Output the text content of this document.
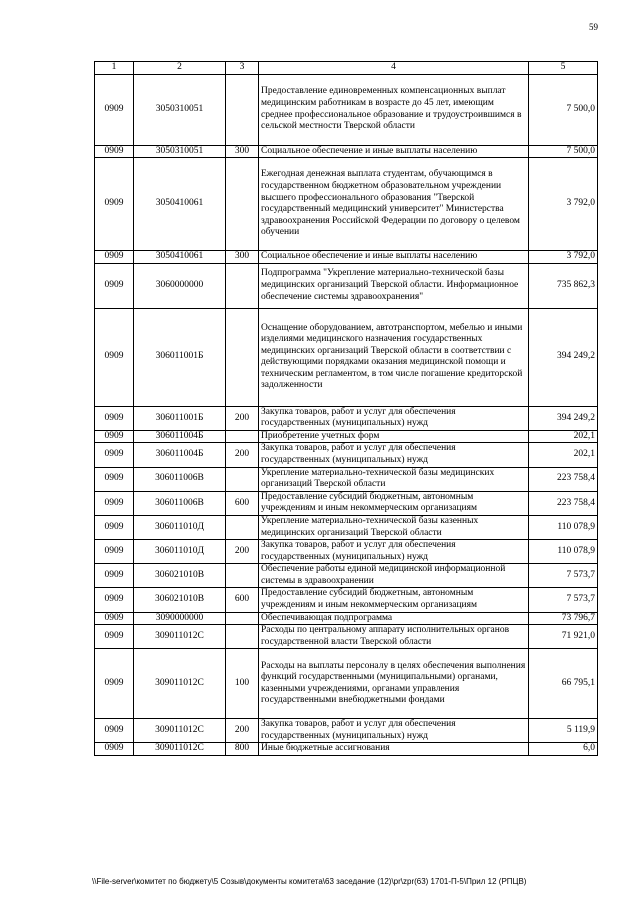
59
1	2	3	4	5
0909	3050310051		Предоставление единовременных компенсационных выплат медицинским работникам в возрасте до 45 лет, имеющим среднее профессиональное образование и трудоустроившимся в сельской местности Тверской области	7 500,0
0909	3050310051	300	Социальное обеспечение и иные выплаты населению	7 500,0
0909	3050410061		Ежегодная денежная выплата студентам, обучающимся в государственном бюджетном образовательном учреждении высшего профессионального образования "Тверской государственный медицинский университет" Министерства здравоохранения Российской Федерации по договору о целевом обучении	3 792,0
0909	3050410061	300	Социальное обеспечение и иные выплаты населению	3 792,0
0909	3060000000		Подпрограмма "Укрепление материально-технической базы медицинских организаций Тверской области. Информационное обеспечение системы здравоохранения"	735 862,3
0909	306011001Б		Оснащение оборудованием, автотранспортом, мебелью и иными изделиями медицинского назначения государственных медицинских организаций Тверской области в соответствии с действующими порядками оказания медицинской помощи и техническим регламентом, в том числе погашение кредиторской задолженности	394 249,2
0909	306011001Б	200	Закупка товаров, работ и услуг для обеспечения государственных (муниципальных) нужд	394 249,2
0909	306011004Б		Приобретение учетных форм	202,1
0909	306011004Б	200	Закупка товаров, работ и услуг для обеспечения государственных (муниципальных) нужд	202,1
0909	306011006В		Укрепление материально-технической базы медицинских организаций Тверской области	223 758,4
0909	306011006В	600	Предоставление субсидий бюджетным, автономным учреждениям и иным некоммерческим организациям	223 758,4
0909	306011010Д		Укрепление материально-технической базы казенных медицинских организаций Тверской области	110 078,9
0909	306011010Д	200	Закупка товаров, работ и услуг для обеспечения государственных (муниципальных) нужд	110 078,9
0909	306021010В		Обеспечение работы единой медицинской информационной системы в здравоохранении	7 573,7
0909	306021010В	600	Предоставление субсидий бюджетным, автономным учреждениям и иным некоммерческим организациям	7 573,7
0909	3090000000		Обеспечивающая подпрограмма	73 796,7
0909	309011012С		Расходы по центральному аппарату исполнительных органов государственной власти Тверской области	71 921,0
0909	309011012С	100	Расходы на выплаты персоналу в целях обеспечения выполнения функций государственными (муниципальными) органами, казенными учреждениями, органами управления государственными внебюджетными фондами	66 795,1
0909	309011012С	200	Закупка товаров, работ и услуг для обеспечения государственных (муниципальных) нужд	5 119,9
0909	309011012С	800	Иные бюджетные ассигнования	6,0
\\File-server\комитет по бюджету\5 Созыв\документы комитета\63 заседание (12)\pr\zpr(63) 1701-П-5\Прил 12 (РПЦВ)
